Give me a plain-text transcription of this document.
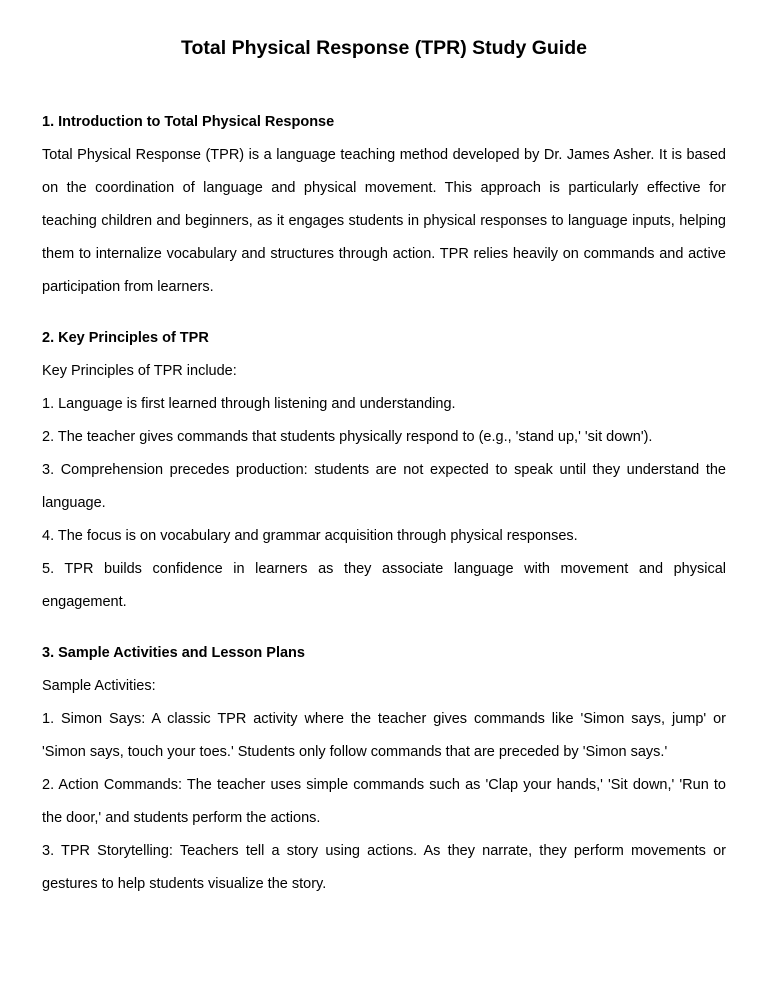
Total Physical Response (TPR) Study Guide
1. Introduction to Total Physical Response

Total Physical Response (TPR) is a language teaching method developed by Dr. James Asher. It is based on the coordination of language and physical movement. This approach is particularly effective for teaching children and beginners, as it engages students in physical responses to language inputs, helping them to internalize vocabulary and structures through action. TPR relies heavily on commands and active participation from learners.

2. Key Principles of TPR

Key Principles of TPR include:

1. Language is first learned through listening and understanding.

2. The teacher gives commands that students physically respond to (e.g., 'stand up,' 'sit down').

3. Comprehension precedes production: students are not expected to speak until they understand the language.

4. The focus is on vocabulary and grammar acquisition through physical responses.

5. TPR builds confidence in learners as they associate language with movement and physical engagement.

3. Sample Activities and Lesson Plans

Sample Activities:

1. Simon Says: A classic TPR activity where the teacher gives commands like 'Simon says, jump' or 'Simon says, touch your toes.' Students only follow commands that are preceded by 'Simon says.'

2. Action Commands: The teacher uses simple commands such as 'Clap your hands,' 'Sit down,' 'Run to the door,' and students perform the actions.

3. TPR Storytelling: Teachers tell a story using actions. As they narrate, they perform movements or gestures to help students visualize the story.
